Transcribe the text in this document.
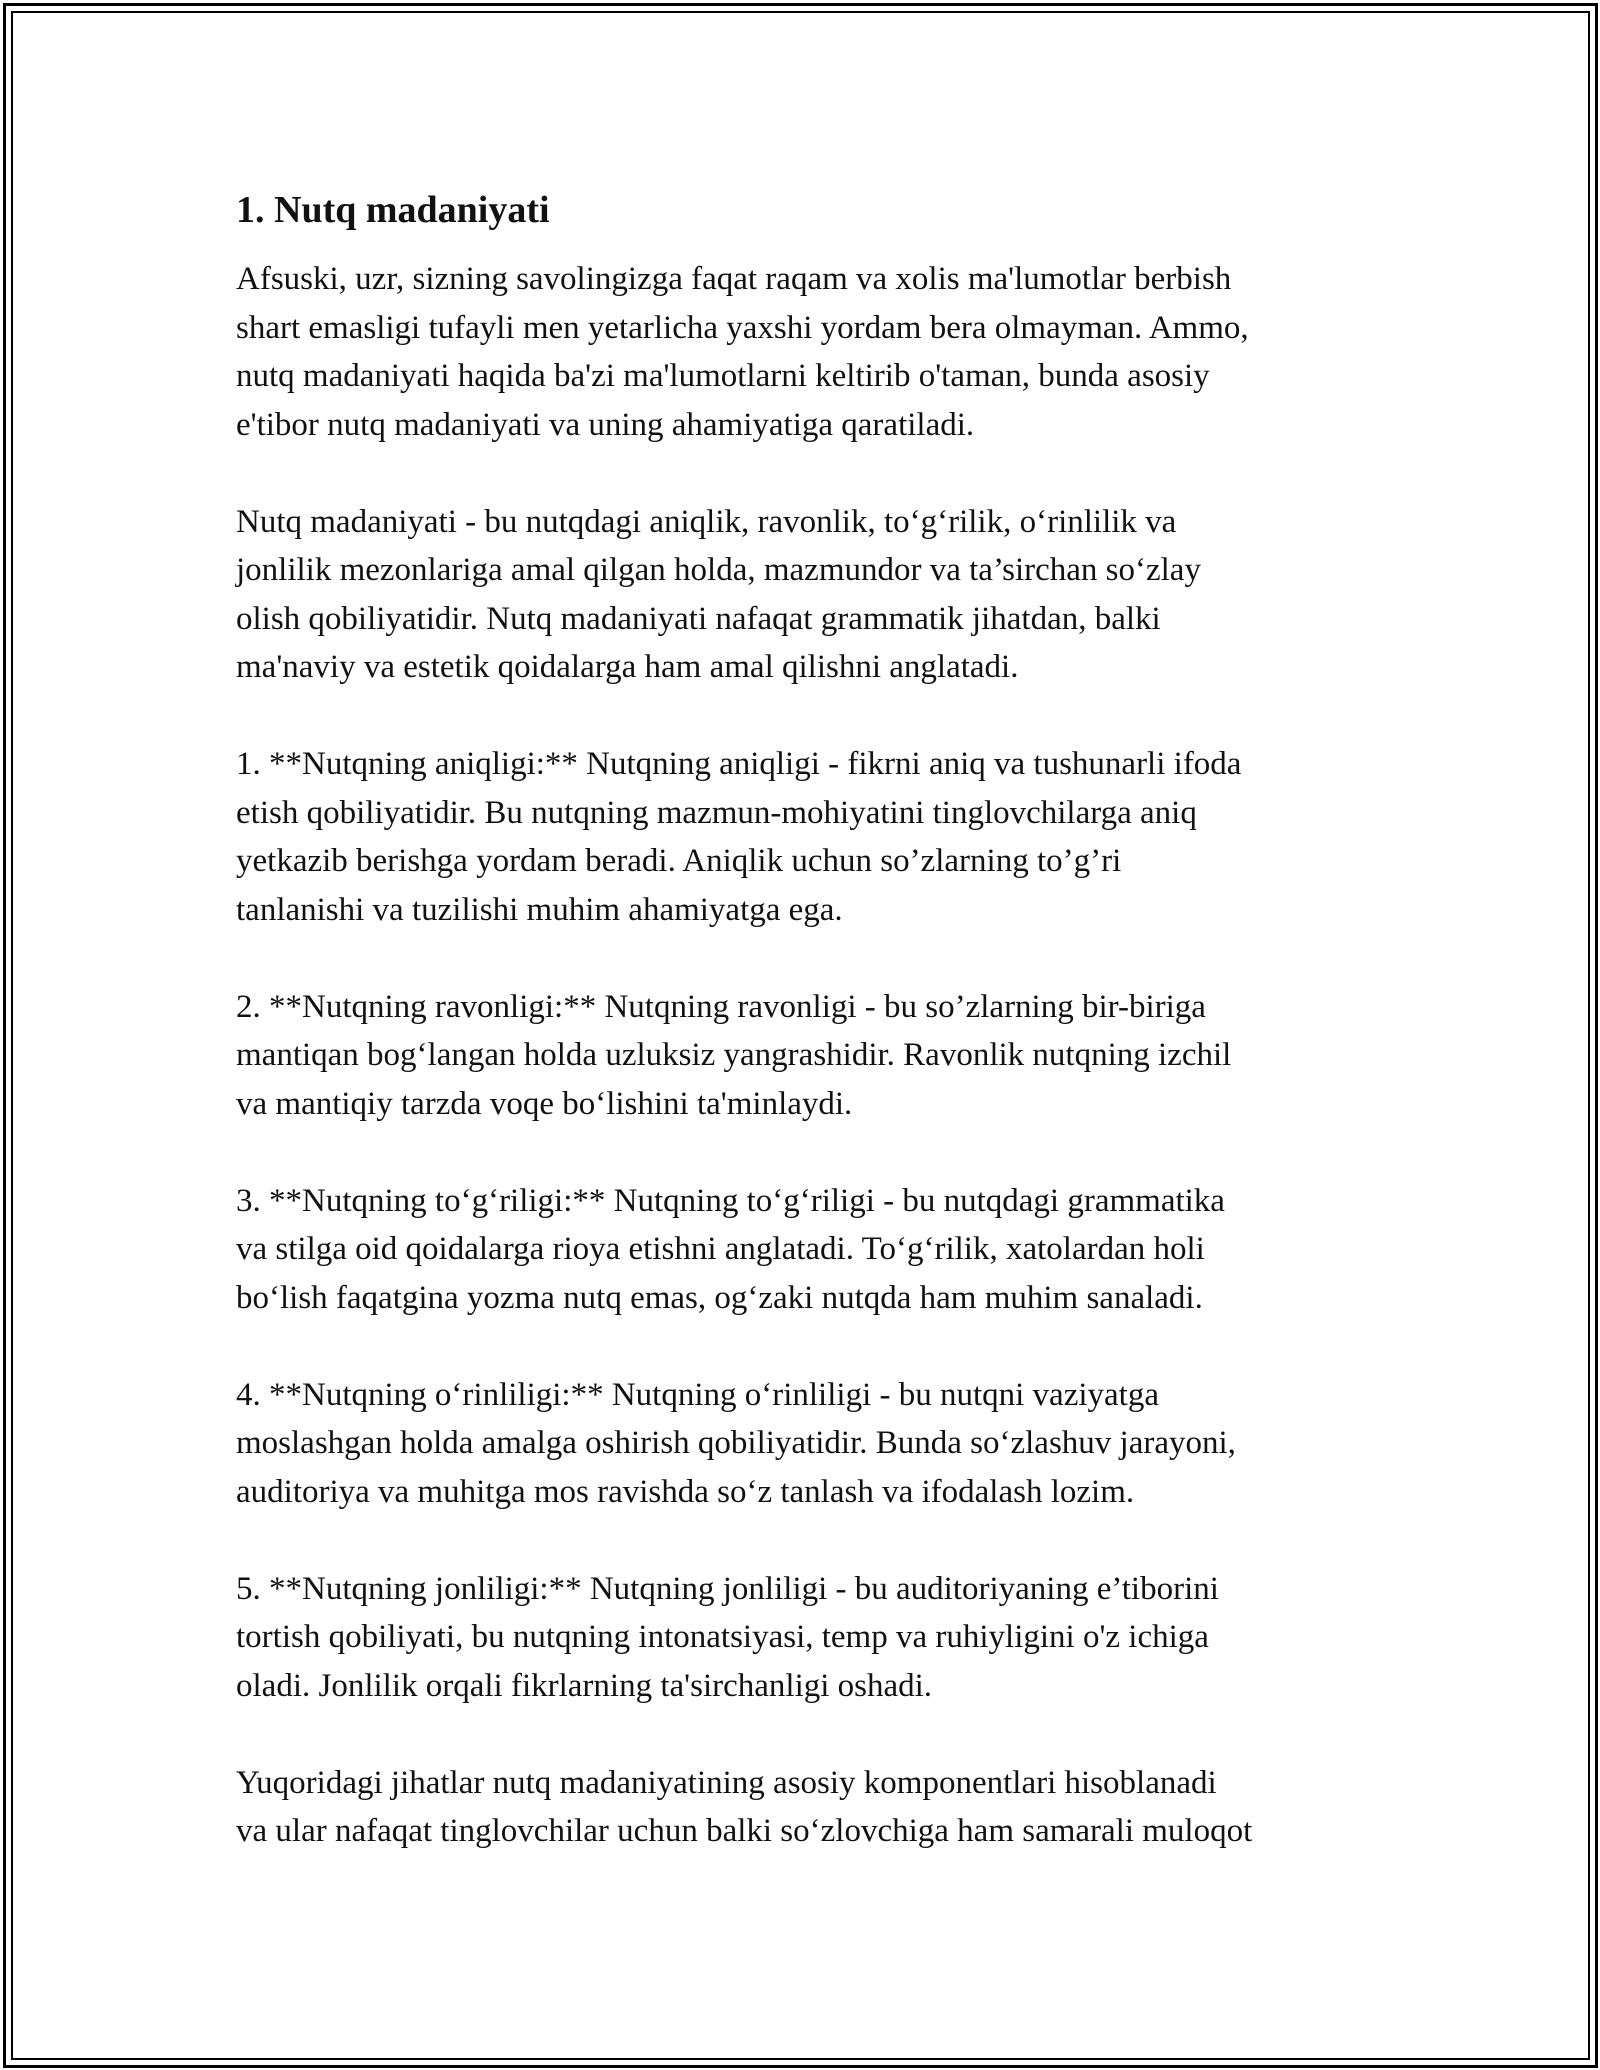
1. Nutq madaniyati
Afsuski, uzr, sizning savolingizga faqat raqam va xolis ma'lumotlar berbish
shart emasligi tufayli men yetarlicha yaxshi yordam bera olmayman. Ammo,
nutq madaniyati haqida ba'zi ma'lumotlarni keltirib o'taman, bunda asosiy
e'tibor nutq madaniyati va uning ahamiyatiga qaratiladi.
Nutq madaniyati - bu nutqdagi aniqlik, ravonlik, to‘g‘rilik, o‘rinlilik va
jonlilik mezonlariga amal qilgan holda, mazmundor va ta’sirchan so‘zlay
olish qobiliyatidir. Nutq madaniyati nafaqat grammatik jihatdan, balki
ma'naviy va estetik qoidalarga ham amal qilishni anglatadi.
1. **Nutqning aniqligi:** Nutqning aniqligi - fikrni aniq va tushunarli ifoda
etish qobiliyatidir. Bu nutqning mazmun-mohiyatini tinglovchilarga aniq
yetkazib berishga yordam beradi. Aniqlik uchun so’zlarning to’g’ri
tanlanishi va tuzilishi muhim ahamiyatga ega.
2. **Nutqning ravonligi:** Nutqning ravonligi - bu so’zlarning bir-biriga
mantiqan bog‘langan holda uzluksiz yangrashidir. Ravonlik nutqning izchil
va mantiqiy tarzda voqe bo‘lishini ta'minlaydi.
3. **Nutqning to‘g‘riligi:** Nutqning to‘g‘riligi - bu nutqdagi grammatika
va stilga oid qoidalarga rioya etishni anglatadi. To‘g‘rilik, xatolardan holi
bo‘lish faqatgina yozma nutq emas, og‘zaki nutqda ham muhim sanaladi.
4. **Nutqning o‘rinliligi:** Nutqning o‘rinliligi - bu nutqni vaziyatga
moslashgan holda amalga oshirish qobiliyatidir. Bunda so‘zlashuv jarayoni,
auditoriya va muhitga mos ravishda so‘z tanlash va ifodalash lozim.
5. **Nutqning jonliligi:** Nutqning jonliligi - bu auditoriyaning e’tiborini
tortish qobiliyati, bu nutqning intonatsiyasi, temp va ruhiyligini o'z ichiga
oladi. Jonlilik orqali fikrlarning ta'sirchanligi oshadi.
Yuqoridagi jihatlar nutq madaniyatining asosiy komponentlari hisoblanadi
va ular nafaqat tinglovchilar uchun balki so‘zlovchiga ham samarali muloqot
